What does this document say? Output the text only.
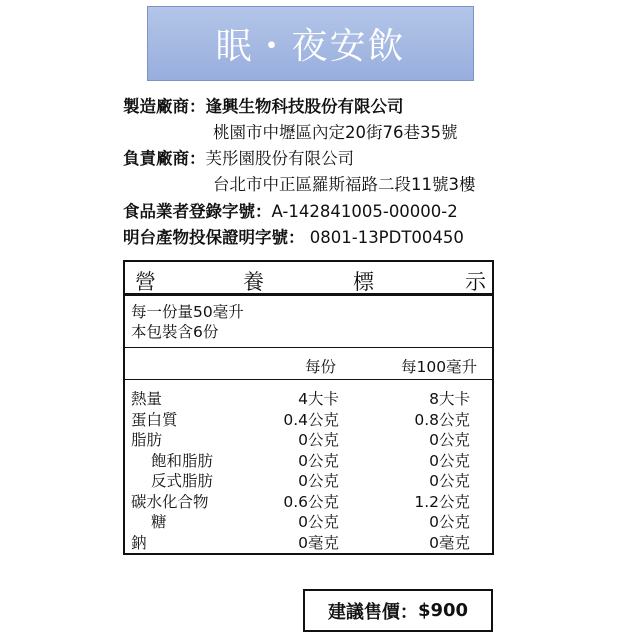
眠・夜安飲
製造廠商：逢興生物科技股份有限公司
桃園市中壢區內定20街76巷35號
負責廠商：芙彤園股份有限公司
台北市中正區羅斯福路二段11號3樓
食品業者登錄字號：A-142841005-00000-2
明台產物投保證明字號： 0801-13PDT00450
營	養	標	示
每一份量50毫升
本包裝含6份
每份	每100毫升
熱量	4大卡	8大卡
蛋白質	0.4公克	0.8公克
脂肪	0公克	0公克
飽和脂肪	0公克	0公克
反式脂肪	0公克	0公克
碳水化合物	0.6公克	1.2公克
糖	0公克	0公克
鈉	0毫克	0毫克
建議售價： $900
